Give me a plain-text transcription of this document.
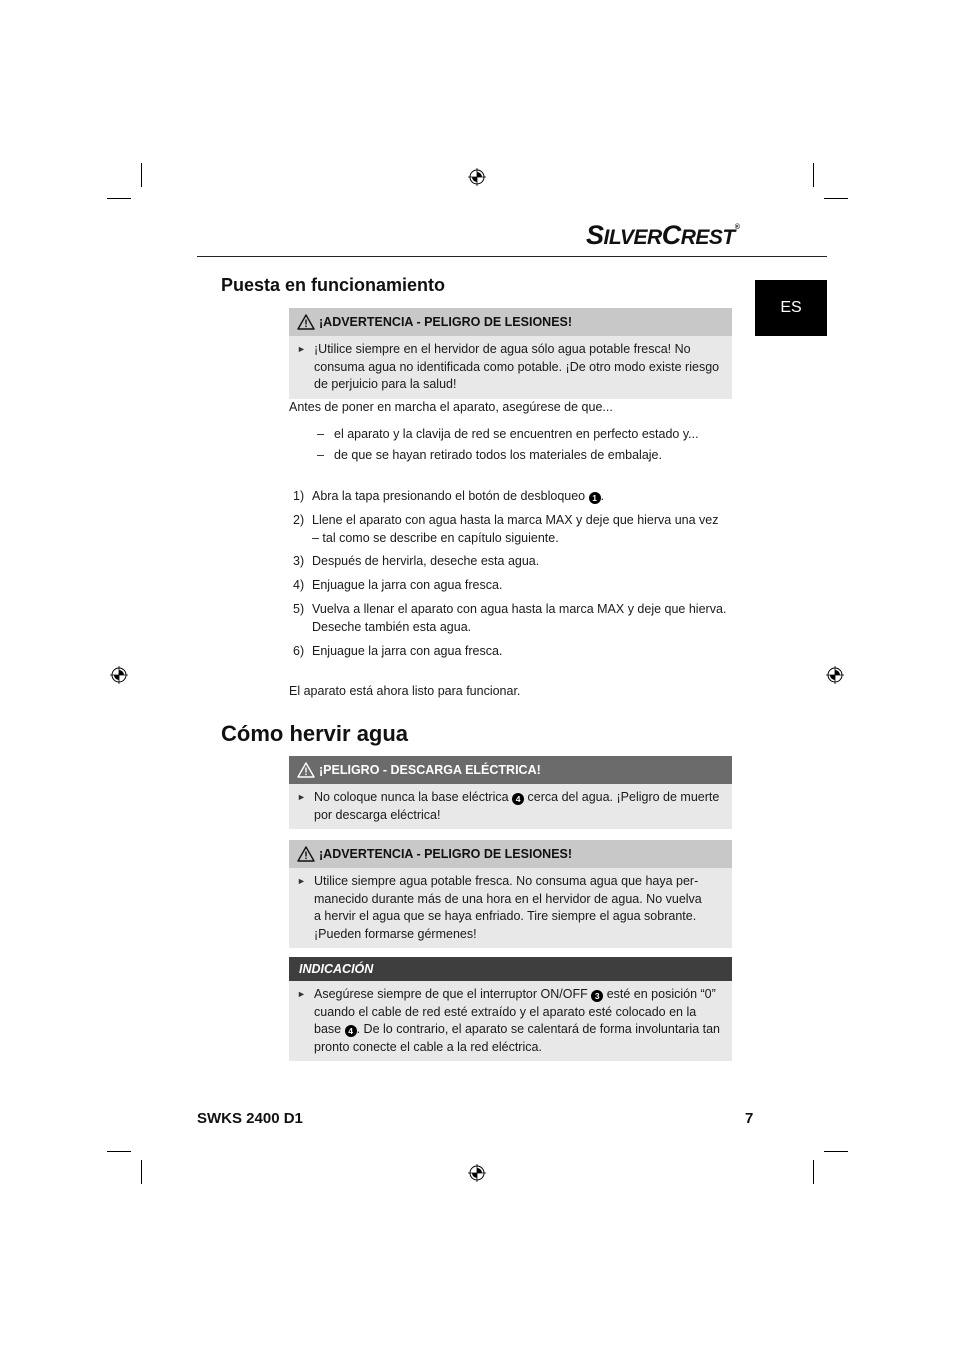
SILVERCREST®
ES
Puesta en funcionamiento
¡ADVERTENCIA - PELIGRO DE LESIONES!
► ¡Utilice siempre en el hervidor de agua sólo agua potable fresca! No
consuma agua no identificada como potable. ¡De otro modo existe riesgo
de perjuicio para la salud!
Antes de poner en marcha el aparato, asegúrese de que...
– el aparato y la clavija de red se encuentren en perfecto estado y...
– de que se hayan retirado todos los materiales de embalaje.
1) Abra la tapa presionando el botón de desbloqueo 1 .
2) Llene el aparato con agua hasta la marca MAX y deje que hierva una vez
– tal como se describe en capítulo siguiente.
3) Después de hervirla, deseche esta agua.
4) Enjuague la jarra con agua fresca.
5) Vuelva a llenar el aparato con agua hasta la marca MAX y deje que hierva.
Deseche también esta agua.
6) Enjuague la jarra con agua fresca.
El aparato está ahora listo para funcionar.
Cómo hervir agua
¡PELIGRO - DESCARGA ELÉCTRICA!
► No coloque nunca la base eléctrica 4 cerca del agua. ¡Peligro de muerte
por descarga eléctrica!
¡ADVERTENCIA - PELIGRO DE LESIONES!
► Utilice siempre agua potable fresca. No consuma agua que haya per-
manecido durante más de una hora en el hervidor de agua. No vuelva
a hervir el agua que se haya enfriado. Tire siempre el agua sobrante.
¡Pueden formarse gérmenes!
INDICACIÓN
► Asegúrese siempre de que el interruptor ON/OFF 3 esté en posición “0”
cuando el cable de red esté extraído y el aparato esté colocado en la
base 4 . De lo contrario, el aparato se calentará de forma involuntaria tan
pronto conecte el cable a la red eléctrica.
SWKS 2400 D1	7
